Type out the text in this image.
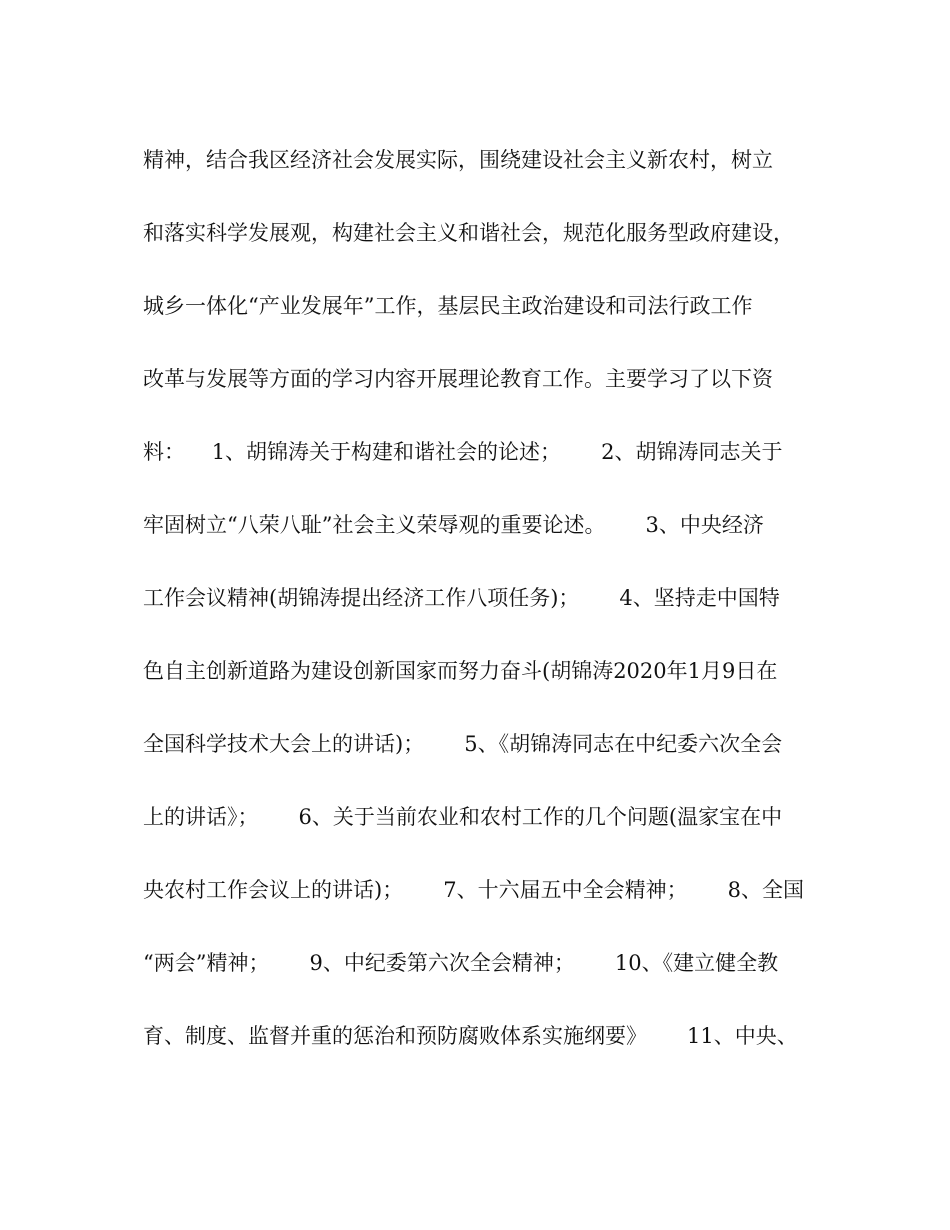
精神，结合我区经济社会发展实际，围绕建设社会主义新农村，树立
和落实科学发展观，构建社会主义和谐社会，规范化服务型政府建设，
城乡一体化“产业发展年”工作，基层民主政治建设和司法行政工作
改革与发展等方面的学习内容开展理论教育工作。主要学习了以下资
料：    1、胡锦涛关于构建和谐社会的论述；      2、胡锦涛同志关于
牢固树立“八荣八耻”社会主义荣辱观的重要论述。      3、中央经济
工作会议精神(胡锦涛提出经济工作八项任务)；      4、坚持走中国特
色自主创新道路为建设创新国家而努力奋斗(胡锦涛2020年1月9日在
全国科学技术大会上的讲话)；      5、《胡锦涛同志在中纪委六次全会
上的讲话》；      6、关于当前农业和农村工作的几个问题(温家宝在中
央农村工作会议上的讲话)；      7、十六届五中全会精神；      8、全国
“两会”精神；      9、中纪委第六次全会精神；      10、《建立健全教
育、制度、监督并重的惩治和预防腐败体系实施纲要》      11、中央、
